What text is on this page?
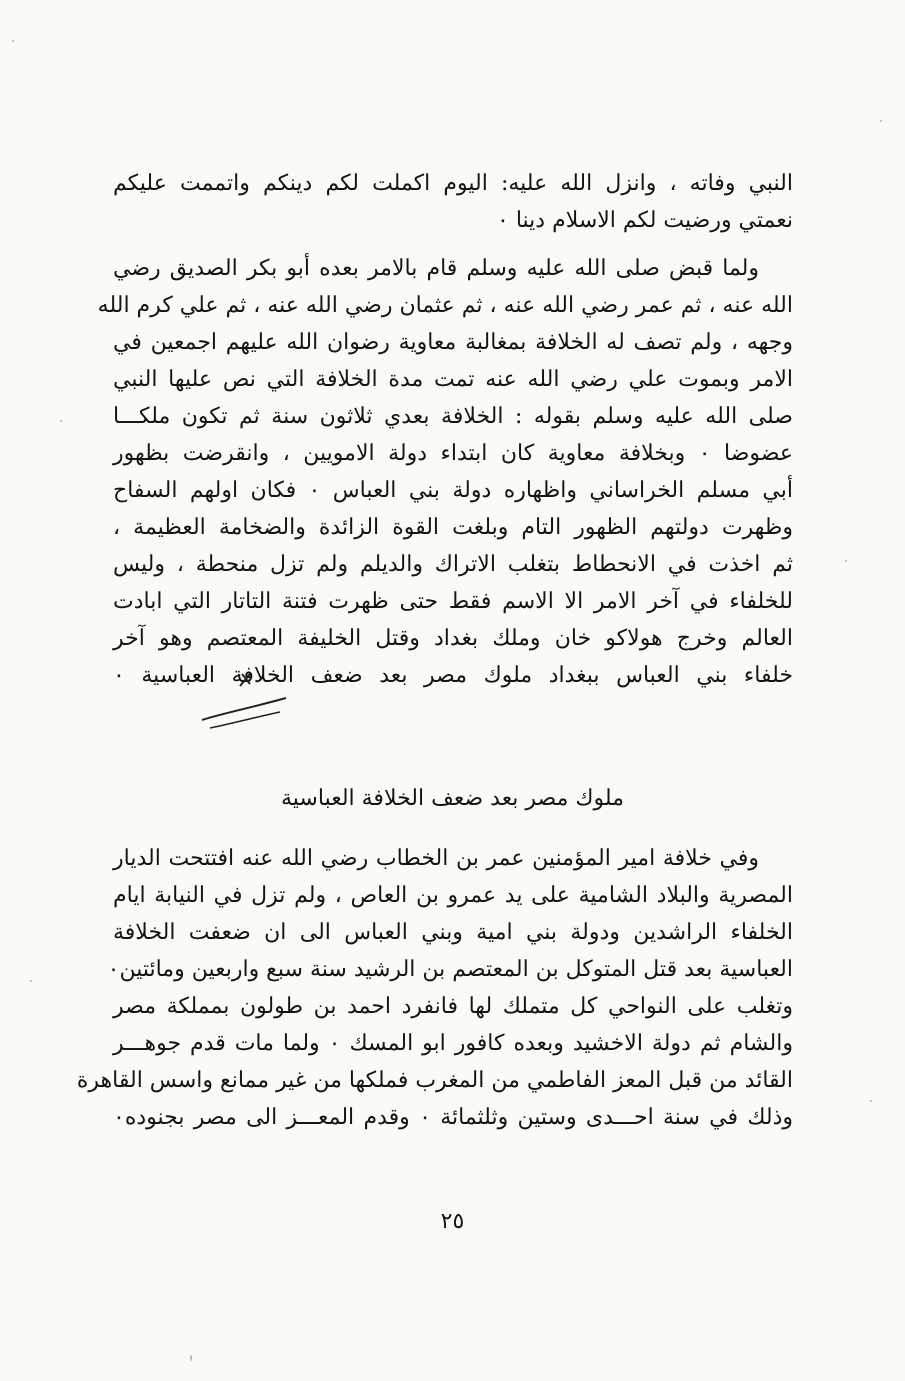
النبي وفاته ، وانزل الله عليه: اليوم اكملت لكم دينكم واتممت عليكم
نعمتي ورضيت لكم الاسلام دينا ٠
ولما قبض صلى الله عليه وسلم قام بالامر بعده أبو بكر الصديق رضي
الله عنه ، ثم عمر رضي الله عنه ، ثم عثمان رضي الله عنه ، ثم علي كرم الله
وجهه ، ولم تصف له الخلافة بمغالبة معاوية رضوان الله عليهم اجمعين في
الامر وبموت علي رضي الله عنه تمت مدة الخلافة التي نص عليها النبي
صلى الله عليه وسلم بقوله : الخلافة بعدي ثلاثون سنة ثم تكون ملكـــا
عضوضا ٠ وبخلافة معاوية كان ابتداء دولة الامويين ، وانقرضت بظهور
أبي مسلم الخراساني واظهاره دولة بني العباس ٠ فكان اولهم السفاح
وظهرت دولتهم الظهور التام وبلغت القوة الزائدة والضخامة العظيمة ،
ثم اخذت في الانحطاط بتغلب الاتراك والديلم ولم تزل منحطة ، وليس
للخلفاء في آخر الامر الا الاسم فقط حتى ظهرت فتنة التاتار التي ابادت
العالم وخرج هولاكو خان وملك بغداد وقتل الخليفة المعتصم وهو آخر
خلفاء بني العباس ببغداد ملوك مصر بعد ضعف الخلافة العباسية ٠
ملوك مصر بعد ضعف الخلافة العباسية
وفي خلافة امير المؤمنين عمر بن الخطاب رضي الله عنه افتتحت الديار
المصرية والبلاد الشامية على يد عمرو بن العاص ، ولم تزل في النيابة ايام
الخلفاء الراشدين ودولة بني امية وبني العباس الى ان ضعفت الخلافة
العباسية بعد قتل المتوكل بن المعتصم بن الرشيد سنة سبع واربعين ومائتين٠
وتغلب على النواحي كل متملك لها فانفرد احمد بن طولون بمملكة مصر
والشام ثم دولة الاخشيد وبعده كافور ابو المسك ٠ ولما مات قدم جوهـــر
القائد من قبل المعز الفاطمي من المغرب فملكها من غير ممانع واسس القاهرة
وذلك في سنة احـــدى وستين وثلثمائة ٠ وقدم المعـــز الى مصر بجنوده٠
٢٥
